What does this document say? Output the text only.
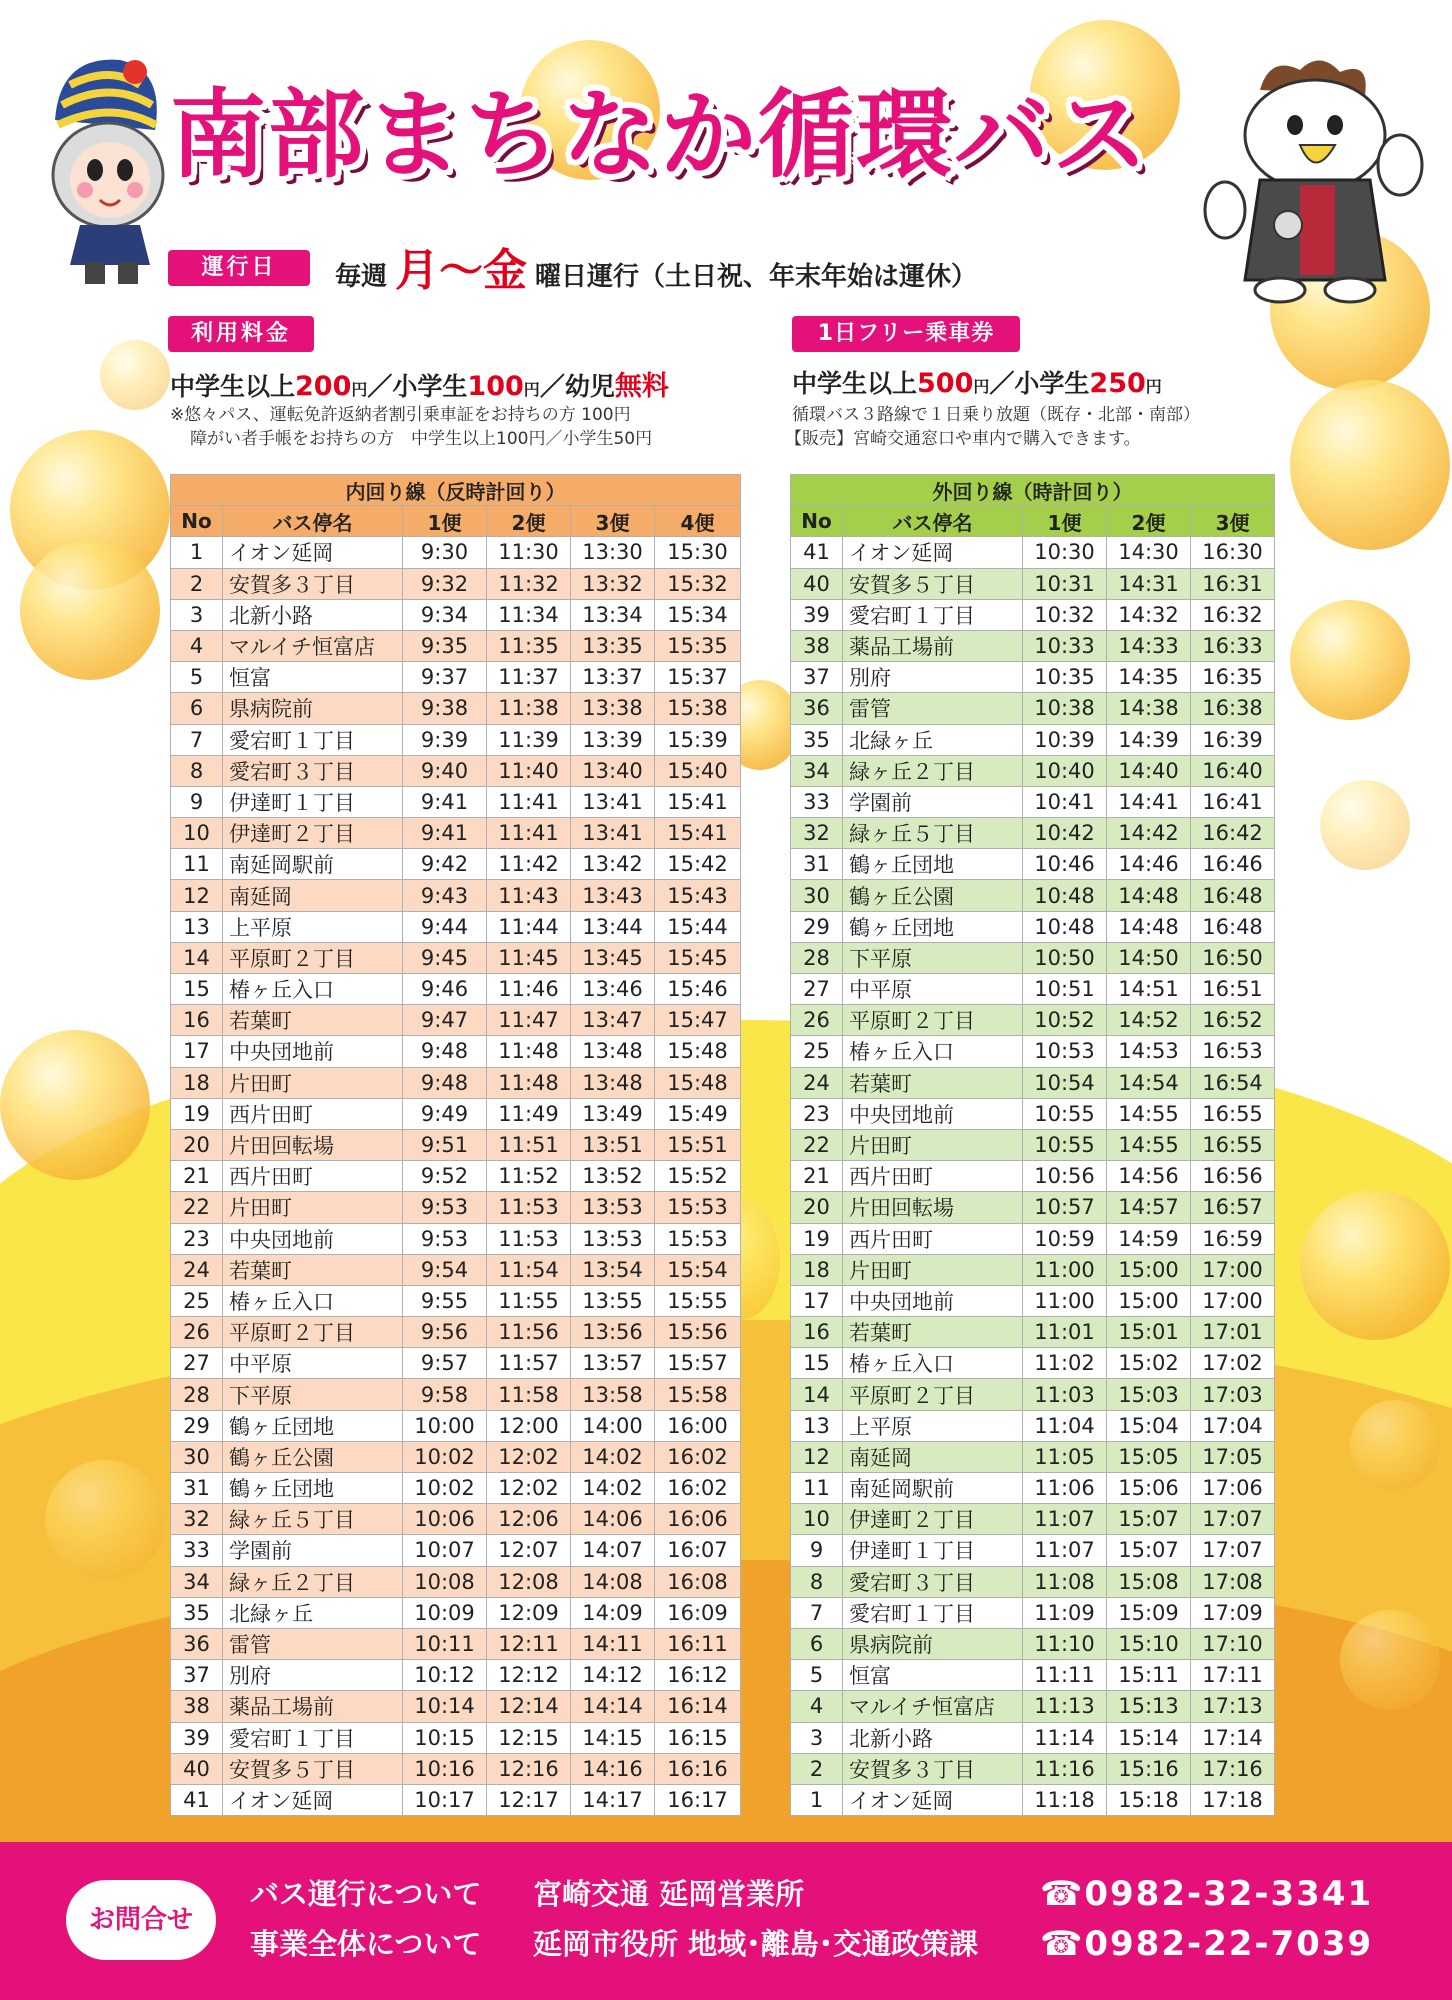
南部まちなか循環バス
運行日	毎週 月～金 曜日運行（土日祝、年末年始は運休）
利用料金
中学生以上200円／小学生100円／幼児無料
※悠々パス、運転免許返納者割引乗車証をお持ちの方 100円
障がい者手帳をお持ちの方　中学生以上100円／小学生50円
1日フリー乗車券
中学生以上500円／小学生250円
循環バス３路線で１日乗り放題（既存・北部・南部）
【販売】宮崎交通窓口や車内で購入できます。
内回り線（反時計回り）					
No	バス停名	1便	2便	3便	4便
1	イオン延岡	9:30	11:30	13:30	15:30
2	安賀多３丁目	9:32	11:32	13:32	15:32
3	北新小路	9:34	11:34	13:34	15:34
4	マルイチ恒富店	9:35	11:35	13:35	15:35
5	恒富	9:37	11:37	13:37	15:37
6	県病院前	9:38	11:38	13:38	15:38
7	愛宕町１丁目	9:39	11:39	13:39	15:39
8	愛宕町３丁目	9:40	11:40	13:40	15:40
9	伊達町１丁目	9:41	11:41	13:41	15:41
10	伊達町２丁目	9:41	11:41	13:41	15:41
11	南延岡駅前	9:42	11:42	13:42	15:42
12	南延岡	9:43	11:43	13:43	15:43
13	上平原	9:44	11:44	13:44	15:44
14	平原町２丁目	9:45	11:45	13:45	15:45
15	椿ヶ丘入口	9:46	11:46	13:46	15:46
16	若葉町	9:47	11:47	13:47	15:47
17	中央団地前	9:48	11:48	13:48	15:48
18	片田町	9:48	11:48	13:48	15:48
19	西片田町	9:49	11:49	13:49	15:49
20	片田回転場	9:51	11:51	13:51	15:51
21	西片田町	9:52	11:52	13:52	15:52
22	片田町	9:53	11:53	13:53	15:53
23	中央団地前	9:53	11:53	13:53	15:53
24	若葉町	9:54	11:54	13:54	15:54
25	椿ヶ丘入口	9:55	11:55	13:55	15:55
26	平原町２丁目	9:56	11:56	13:56	15:56
27	中平原	9:57	11:57	13:57	15:57
28	下平原	9:58	11:58	13:58	15:58
29	鶴ヶ丘団地	10:00	12:00	14:00	16:00
30	鶴ヶ丘公園	10:02	12:02	14:02	16:02
31	鶴ヶ丘団地	10:02	12:02	14:02	16:02
32	緑ヶ丘５丁目	10:06	12:06	14:06	16:06
33	学園前	10:07	12:07	14:07	16:07
34	緑ヶ丘２丁目	10:08	12:08	14:08	16:08
35	北緑ヶ丘	10:09	12:09	14:09	16:09
36	雷管	10:11	12:11	14:11	16:11
37	別府	10:12	12:12	14:12	16:12
38	薬品工場前	10:14	12:14	14:14	16:14
39	愛宕町１丁目	10:15	12:15	14:15	16:15
40	安賀多５丁目	10:16	12:16	14:16	16:16
41	イオン延岡	10:17	12:17	14:17	16:17
外回り線（時計回り）				
No	バス停名	1便	2便	3便
41	イオン延岡	10:30	14:30	16:30
40	安賀多５丁目	10:31	14:31	16:31
39	愛宕町１丁目	10:32	14:32	16:32
38	薬品工場前	10:33	14:33	16:33
37	別府	10:35	14:35	16:35
36	雷管	10:38	14:38	16:38
35	北緑ヶ丘	10:39	14:39	16:39
34	緑ヶ丘２丁目	10:40	14:40	16:40
33	学園前	10:41	14:41	16:41
32	緑ヶ丘５丁目	10:42	14:42	16:42
31	鶴ヶ丘団地	10:46	14:46	16:46
30	鶴ヶ丘公園	10:48	14:48	16:48
29	鶴ヶ丘団地	10:48	14:48	16:48
28	下平原	10:50	14:50	16:50
27	中平原	10:51	14:51	16:51
26	平原町２丁目	10:52	14:52	16:52
25	椿ヶ丘入口	10:53	14:53	16:53
24	若葉町	10:54	14:54	16:54
23	中央団地前	10:55	14:55	16:55
22	片田町	10:55	14:55	16:55
21	西片田町	10:56	14:56	16:56
20	片田回転場	10:57	14:57	16:57
19	西片田町	10:59	14:59	16:59
18	片田町	11:00	15:00	17:00
17	中央団地前	11:00	15:00	17:00
16	若葉町	11:01	15:01	17:01
15	椿ヶ丘入口	11:02	15:02	17:02
14	平原町２丁目	11:03	15:03	17:03
13	上平原	11:04	15:04	17:04
12	南延岡	11:05	15:05	17:05
11	南延岡駅前	11:06	15:06	17:06
10	伊達町２丁目	11:07	15:07	17:07
9	伊達町１丁目	11:07	15:07	17:07
8	愛宕町３丁目	11:08	15:08	17:08
7	愛宕町１丁目	11:09	15:09	17:09
6	県病院前	11:10	15:10	17:10
5	恒富	11:11	15:11	17:11
4	マルイチ恒富店	11:13	15:13	17:13
3	北新小路	11:14	15:14	17:14
2	安賀多３丁目	11:16	15:16	17:16
1	イオン延岡	11:18	15:18	17:18
お問合せ
バス運行について 宮崎交通 延岡営業所	☎0982-32-3341
事業全体について 延岡市役所 地域･離島･交通政策課 ☎0982-22-7039
